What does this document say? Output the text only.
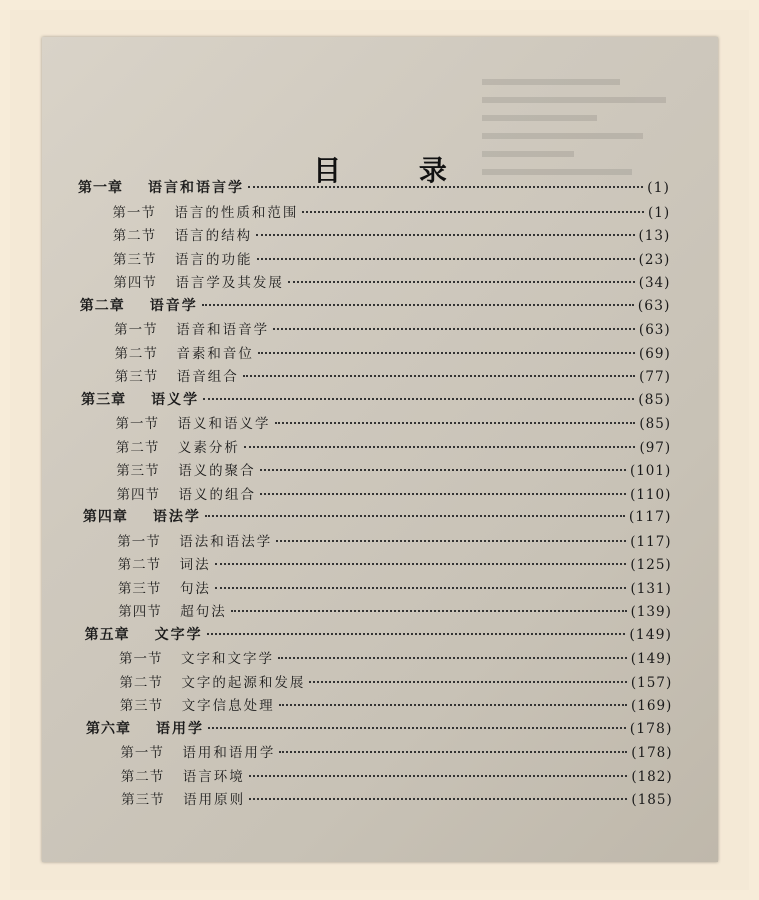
目 录
第一章	语言和语言学	(1)
第一节	语言的性质和范围	(1)
第二节	语言的结构	(13)
第三节	语言的功能	(23)
第四节	语言学及其发展	(34)
第二章	语音学	(63)
第一节	语音和语音学	(63)
第二节	音素和音位	(69)
第三节	语音组合	(77)
第三章	语义学	(85)
第一节	语义和语义学	(85)
第二节	义素分析	(97)
第三节	语义的聚合	(101)
第四节	语义的组合	(110)
第四章	语法学	(117)
第一节	语法和语法学	(117)
第二节	词法	(125)
第三节	句法	(131)
第四节	超句法	(139)
第五章	文字学	(149)
第一节	文字和文字学	(149)
第二节	文字的起源和发展	(157)
第三节	文字信息处理	(169)
第六章	语用学	(178)
第一节	语用和语用学	(178)
第二节	语言环境	(182)
第三节	语用原则	(185)
